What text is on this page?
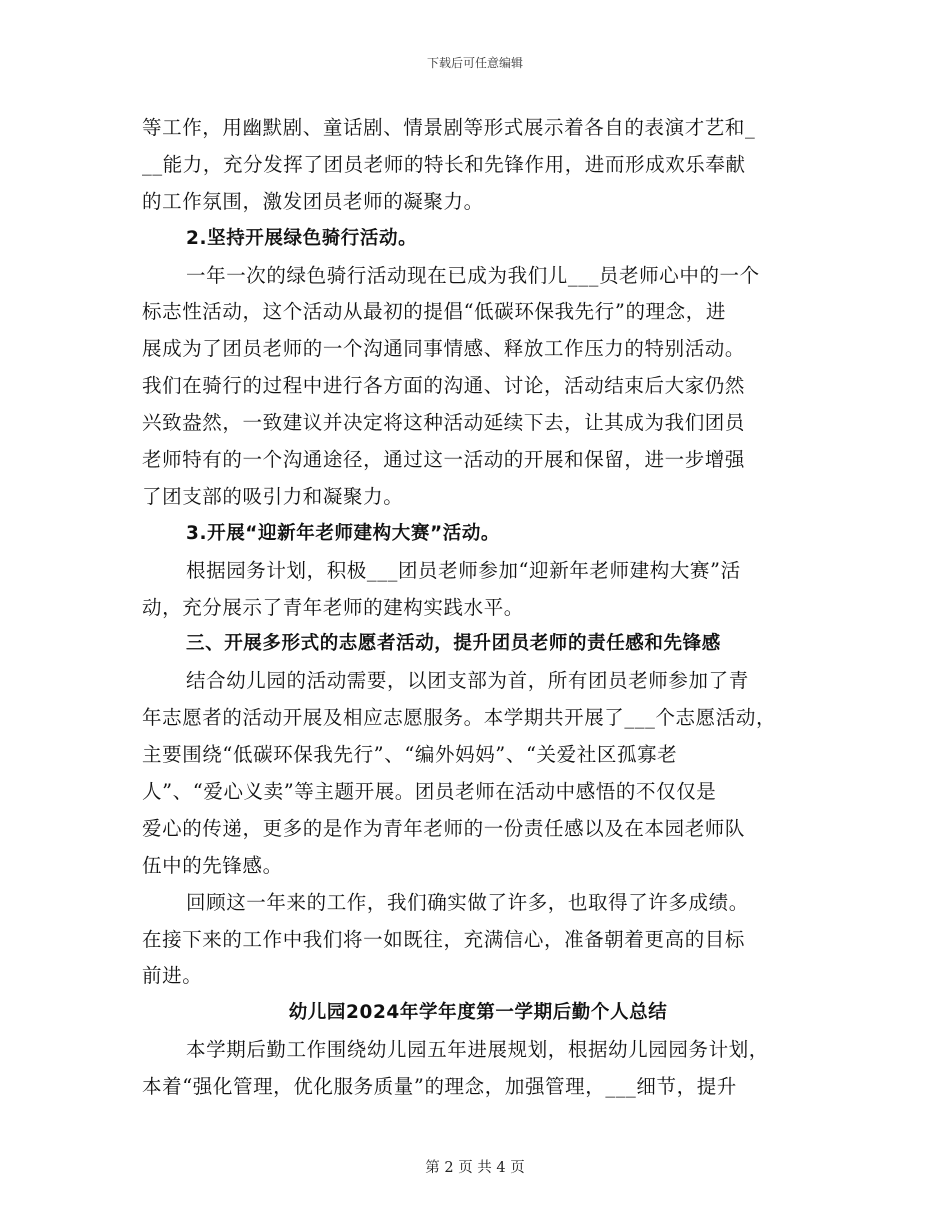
下载后可任意编辑
等工作，用幽默剧、童话剧、情景剧等形式展示着各自的表演才艺和_
__能力，充分发挥了团员老师的特长和先锋作用，进而形成欢乐奉献
的工作氛围，激发团员老师的凝聚力。
2.坚持开展绿色骑行活动。
一年一次的绿色骑行活动现在已成为我们儿___员老师心中的一个
标志性活动，这个活动从最初的提倡“低碳环保我先行”的理念，进
展成为了团员老师的一个沟通同事情感、释放工作压力的特别活动。
我们在骑行的过程中进行各方面的沟通、讨论，活动结束后大家仍然
兴致盎然，一致建议并决定将这种活动延续下去，让其成为我们团员
老师特有的一个沟通途径，通过这一活动的开展和保留，进一步增强
了团支部的吸引力和凝聚力。
3.开展“迎新年老师建构大赛”活动。
根据园务计划，积极___团员老师参加“迎新年老师建构大赛”活
动，充分展示了青年老师的建构实践水平。
三、开展多形式的志愿者活动，提升团员老师的责任感和先锋感
结合幼儿园的活动需要，以团支部为首，所有团员老师参加了青
年志愿者的活动开展及相应志愿服务。本学期共开展了___个志愿活动，
主要围绕“低碳环保我先行”、“编外妈妈”、“关爱社区孤寡老
人”、“爱心义卖”等主题开展。团员老师在活动中感悟的不仅仅是
爱心的传递，更多的是作为青年老师的一份责任感以及在本园老师队
伍中的先锋感。
回顾这一年来的工作，我们确实做了许多，也取得了许多成绩。
在接下来的工作中我们将一如既往，充满信心，准备朝着更高的目标
前进。
幼儿园2024年学年度第一学期后勤个人总结
本学期后勤工作围绕幼儿园五年进展规划，根据幼儿园园务计划，
本着“强化管理，优化服务质量”的理念，加强管理，___细节，提升
第 2 页 共 4 页
